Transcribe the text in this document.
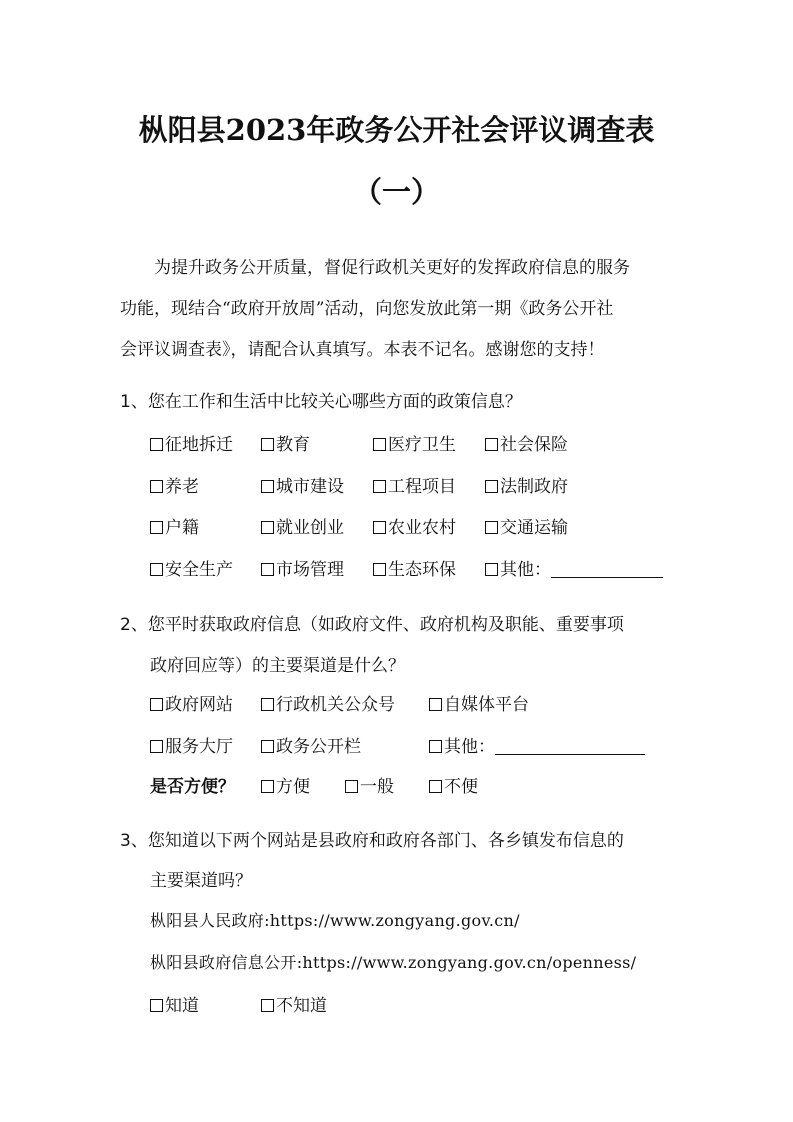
枞阳县2023年政务公开社会评议调查表
（一）
为提升政务公开质量，督促行政机关更好的发挥政府信息的服务
功能，现结合“政府开放周”活动，向您发放此第一期《政务公开社
会评议调查表》，请配合认真填写。本表不记名。感谢您的支持！
1、您在工作和生活中比较关心哪些方面的政策信息？
征地拆迁	教育	医疗卫生	社会保险
养老	城市建设	工程项目	法制政府
户籍	就业创业	农业农村	交通运输
安全生产	市场管理	生态环保	其他：
2、您平时获取政府信息（如政府文件、政府机构及职能、重要事项
政府回应等）的主要渠道是什么？
政府网站	行政机关公众号	自媒体平台
服务大厅	政务公开栏	其他：
是否方便？	方便	一般	不便
3、您知道以下两个网站是县政府和政府各部门、各乡镇发布信息的
主要渠道吗？
枞阳县人民政府:https://www.zongyang.gov.cn/
枞阳县政府信息公开:https://www.zongyang.gov.cn/openness/
知道	不知道
